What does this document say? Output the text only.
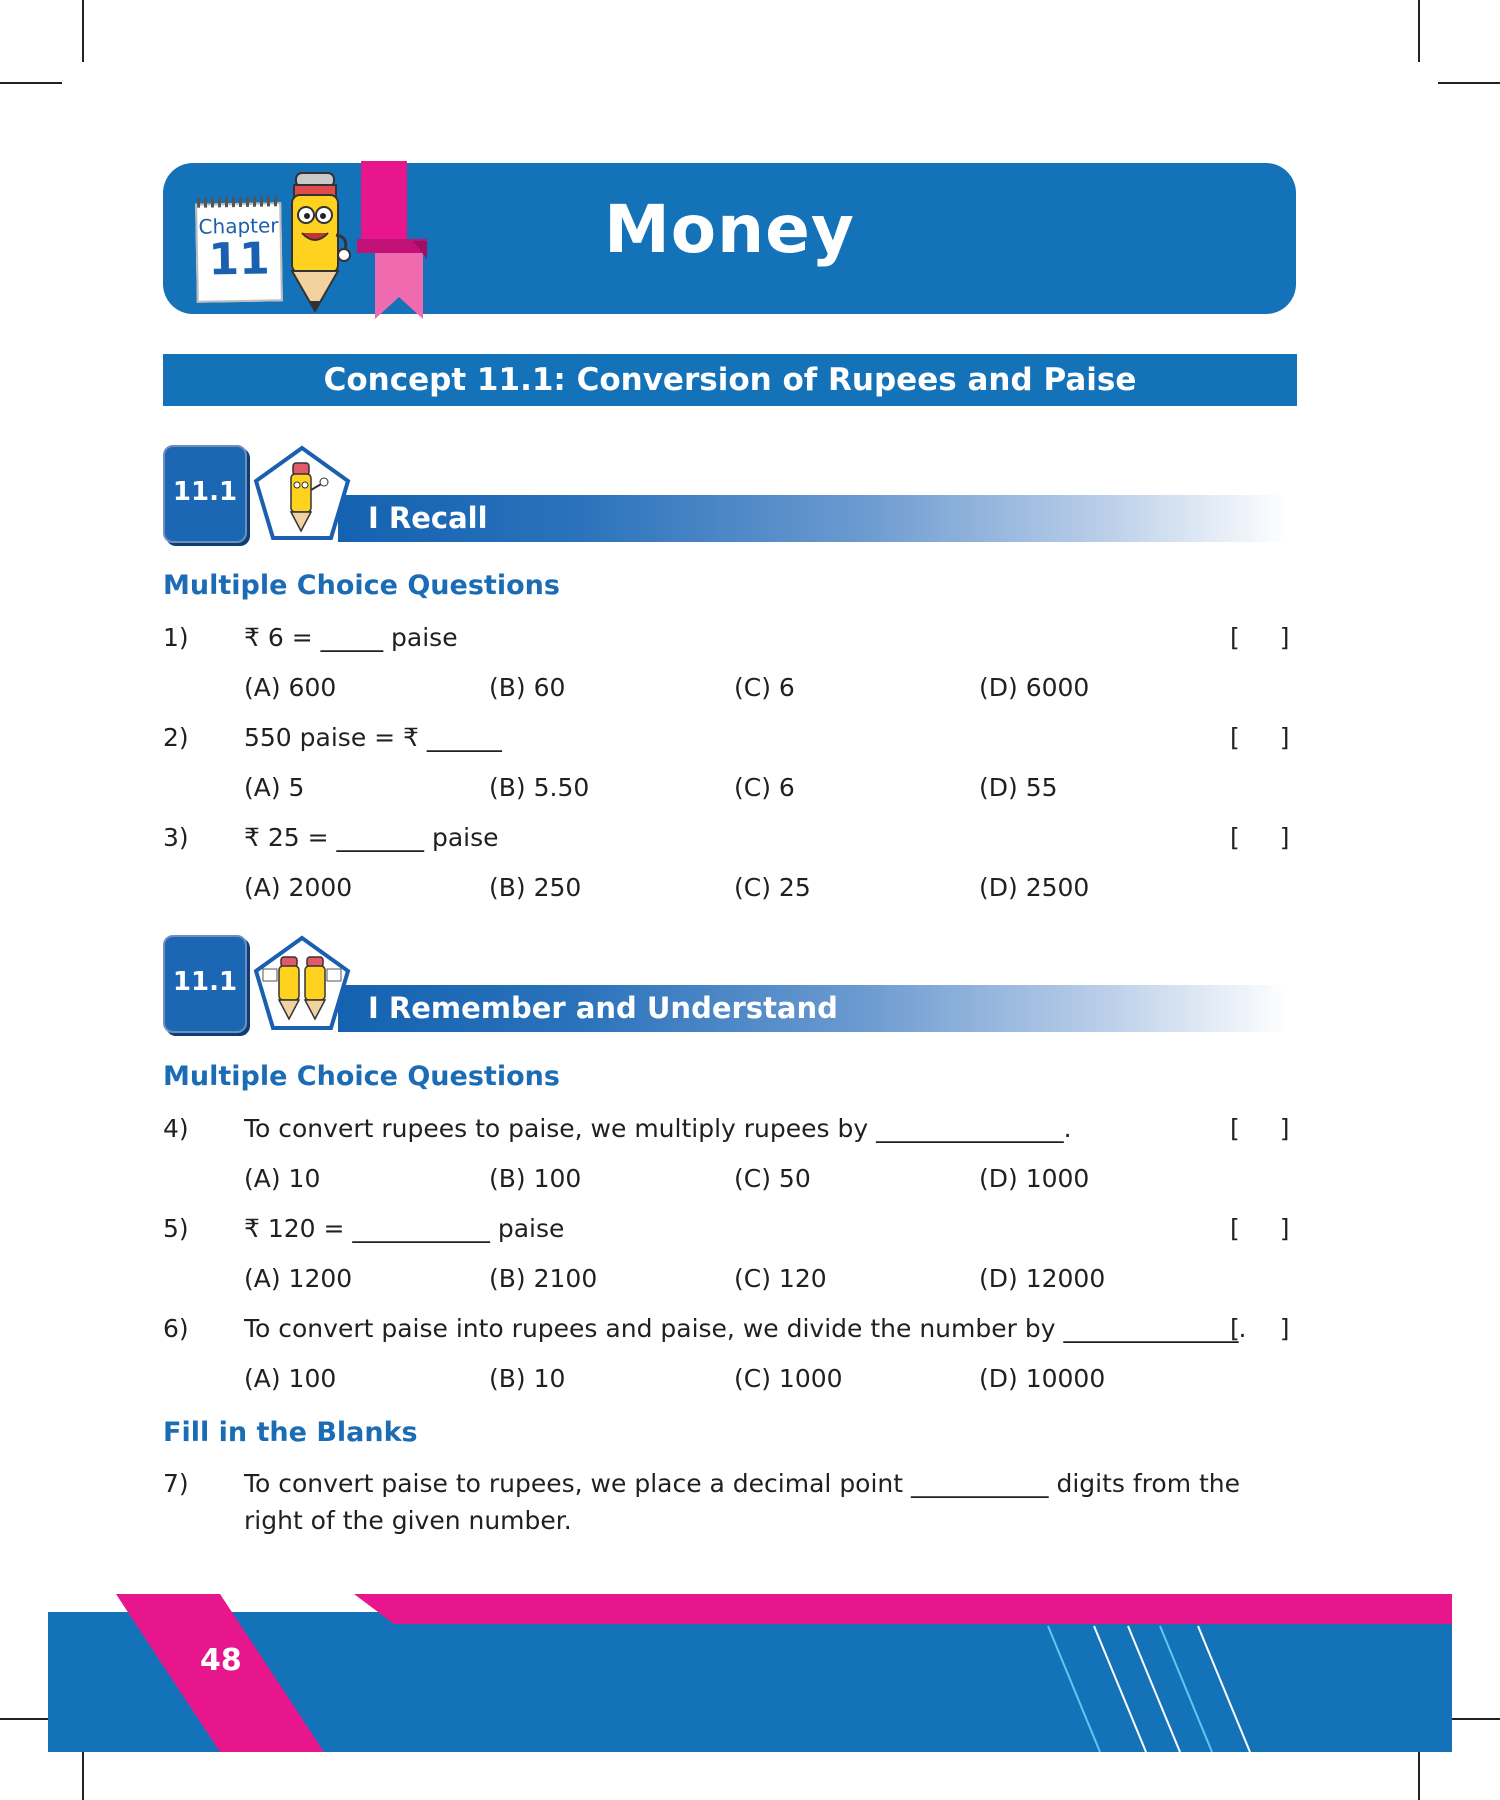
Chapter
11	Money
Concept 11.1: Conversion of Rupees and Paise
11.1
I Recall
Multiple Choice Questions
1) ₹ 6 = _____ paise	[ ]
(A) 600	(B) 60	(C) 6	(D) 6000
2) 550 paise = ₹ ______	[ ]
(A) 5	(B) 5.50	(C) 6	(D) 55
3) ₹ 25 = _______ paise	[ ]
(A) 2000	(B) 250	(C) 25	(D) 2500
11.1
I Remember and Understand
Multiple Choice Questions
4) To convert rupees to paise, we multiply rupees by _______________.	[ ]
(A) 10	(B) 100	(C) 50	(D) 1000
5) ₹ 120 = ___________ paise	[ ]
(A) 1200	(B) 2100	(C) 120	(D) 12000
6) To convert paise into rupees and paise, we divide the number by ______________.
[ ]
(A) 100	(B) 10	(C) 1000	(D) 10000
Fill in the Blanks
7) To convert paise to rupees, we place a decimal point ___________ digits from the right of the given number.
48
